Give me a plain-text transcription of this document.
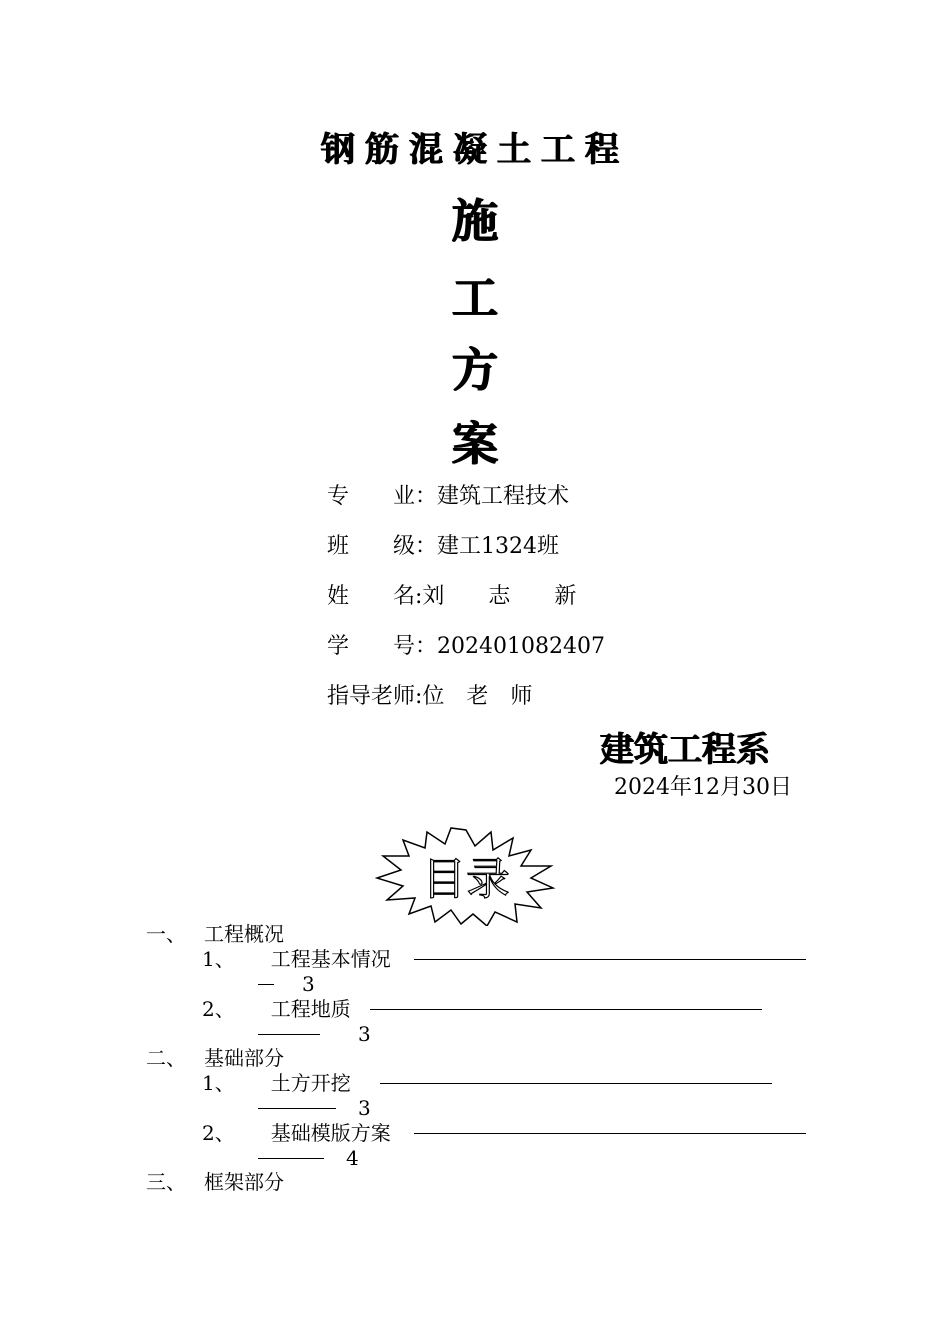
钢筋混凝土工程
施
工
方
案
专　　业：建筑工程技术
班　　级：建工1324班
姓　　名:刘　　志　　新
学　　号：202401082407
指导老师:位　老　师
建筑工程系
2024年12月30日
目录
一、 工程概况
1、 工程基本情况
3
2、 工程地质
3
二、 基础部分
1、 土方开挖
3
2、 基础模版方案
4
三、 框架部分
